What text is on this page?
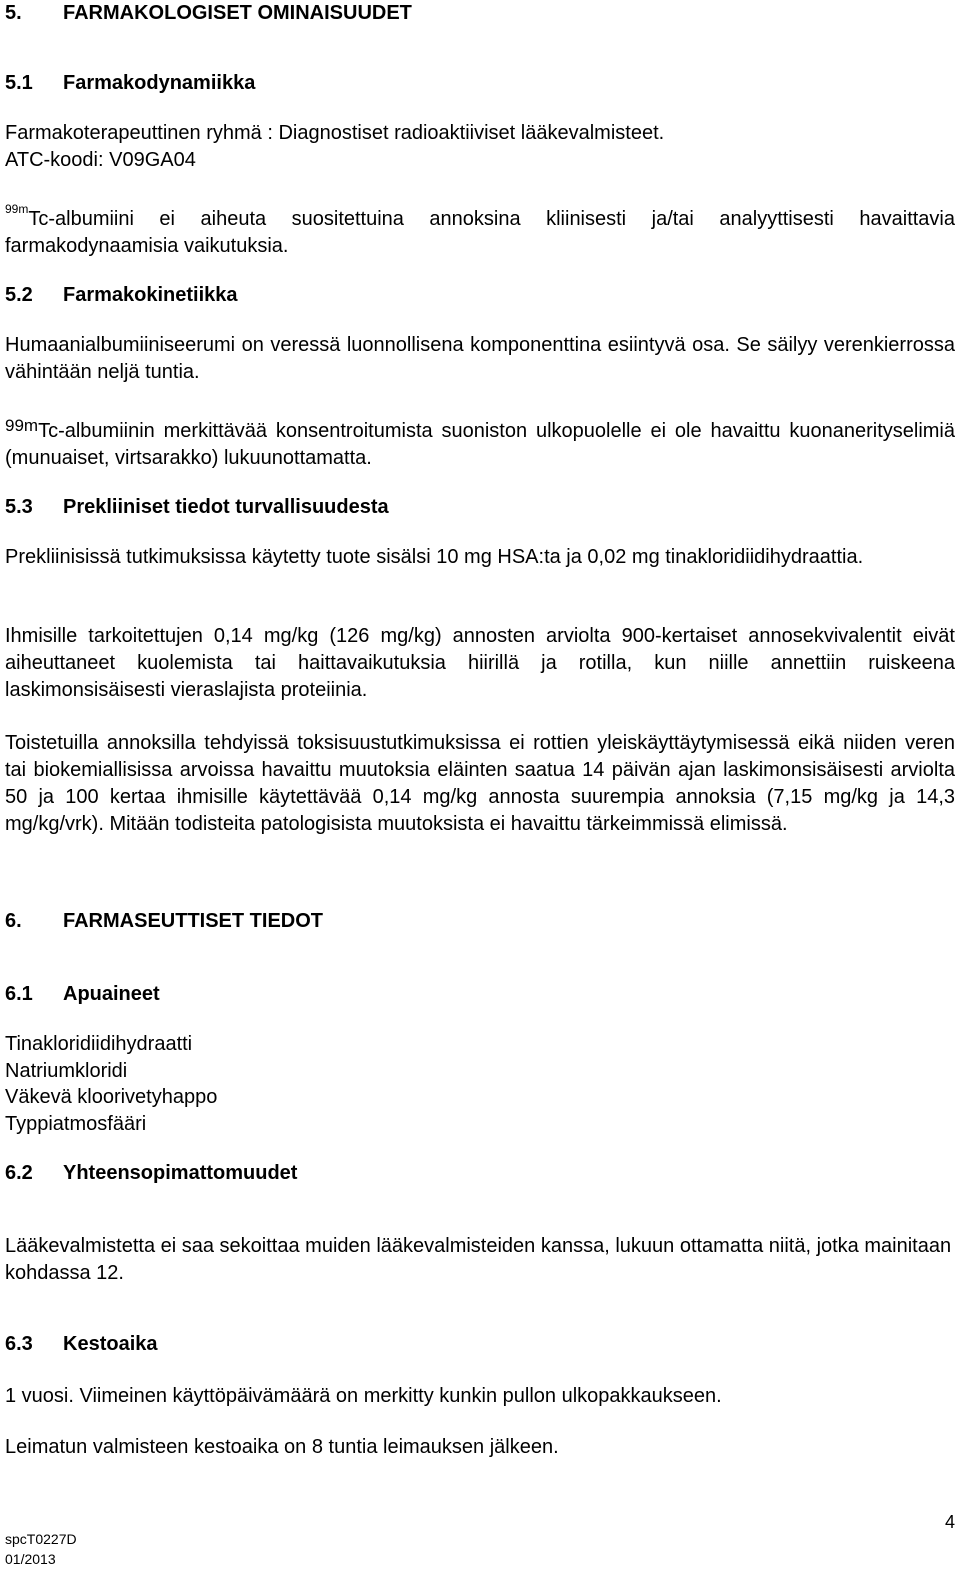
5. FARMAKOLOGISET OMINAISUUDET
5.1 Farmakodynamiikka
Farmakoterapeuttinen ryhmä : Diagnostiset radioaktiiviset lääkevalmisteet.
ATC-koodi: V09GA04
$^{99m}$Tc-albumiini ei aiheuta suositettuina annoksina kliinisesti ja/tai analyyttisesti havaittavia farmakodynaamisia vaikutuksia.
5.2 Farmakokinetiikka
Humaanialbumiiniseerumi on veressä luonnollisena komponenttina esiintyvä osa. Se säilyy verenkierrossa vähintään neljä tuntia.
$^{99m}$Tc-albumiinin merkittävää konsentroitumista suoniston ulkopuolelle ei ole havaittu kuonanerityselimiä (munuaiset, virtsarakko) lukuunottamatta.
5.3 Prekliiniset tiedot turvallisuudesta
Prekliinisissä tutkimuksissa käytetty tuote sisälsi 10 mg HSA:ta ja 0,02 mg tinakloridiidihydraattia.
Ihmisille tarkoitettujen 0,14 mg/kg (126 mg/kg) annosten arviolta 900-kertaiset annosekvivalentit eivät aiheuttaneet kuolemista tai haittavaikutuksia hiirillä ja rotilla, kun niille annettiin ruiskeena laskimonsisäisesti vieraslajista proteiinia.
Toistetuilla annoksilla tehdyissä toksisuustutkimuksissa ei rottien yleiskäyttäytymisessä eikä niiden veren tai biokemiallisissa arvoissa havaittu muutoksia eläinten saatua 14 päivän ajan laskimonsisäisesti arviolta 50 ja 100 kertaa ihmisille käytettävää 0,14 mg/kg annosta suurempia annoksia (7,15 mg/kg ja 14,3 mg/kg/vrk). Mitään todisteita patologisista muutoksista ei havaittu tärkeimmissä elimissä.
6. FARMASEUTTISET TIEDOT
6.1 Apuaineet
Tinakloridiidihydraatti
Natriumkloridi
Väkevä kloorivetyhappo
Typpiatmosfääri
6.2 Yhteensopimattomuudet
Lääkevalmistetta ei saa sekoittaa muiden lääkevalmisteiden kanssa, lukuun ottamatta niitä, jotka mainitaan kohdassa 12.
6.3 Kestoaika
1 vuosi. Viimeinen käyttöpäivämäärä on merkitty kunkin pullon ulkopakkaukseen.
Leimatun valmisteen kestoaika on 8 tuntia leimauksen jälkeen.
spcT0227D
01/2013
4
